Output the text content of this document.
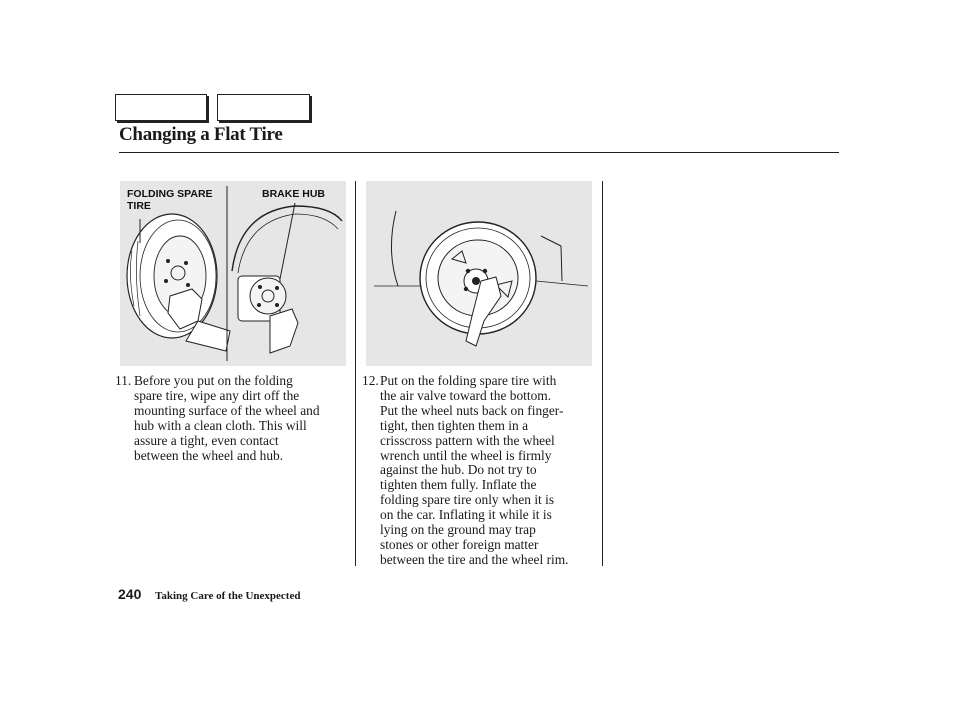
Changing a Flat Tire
FOLDING SPARE
TIRE
BRAKE HUB
11. Before you put on the folding
spare tire, wipe any dirt off the
mounting surface of the wheel and
hub with a clean cloth. This will
assure a tight, even contact
between the wheel and hub.
12. Put on the folding spare tire with
the air valve toward the bottom.
Put the wheel nuts back on finger-
tight, then tighten them in a
crisscross pattern with the wheel
wrench until the wheel is firmly
against the hub. Do not try to
tighten them fully. Inflate the
folding spare tire only when it is
on the car. Inflating it while it is
lying on the ground may trap
stones or other foreign matter
between the tire and the wheel rim.
240 Taking Care of the Unexpected
